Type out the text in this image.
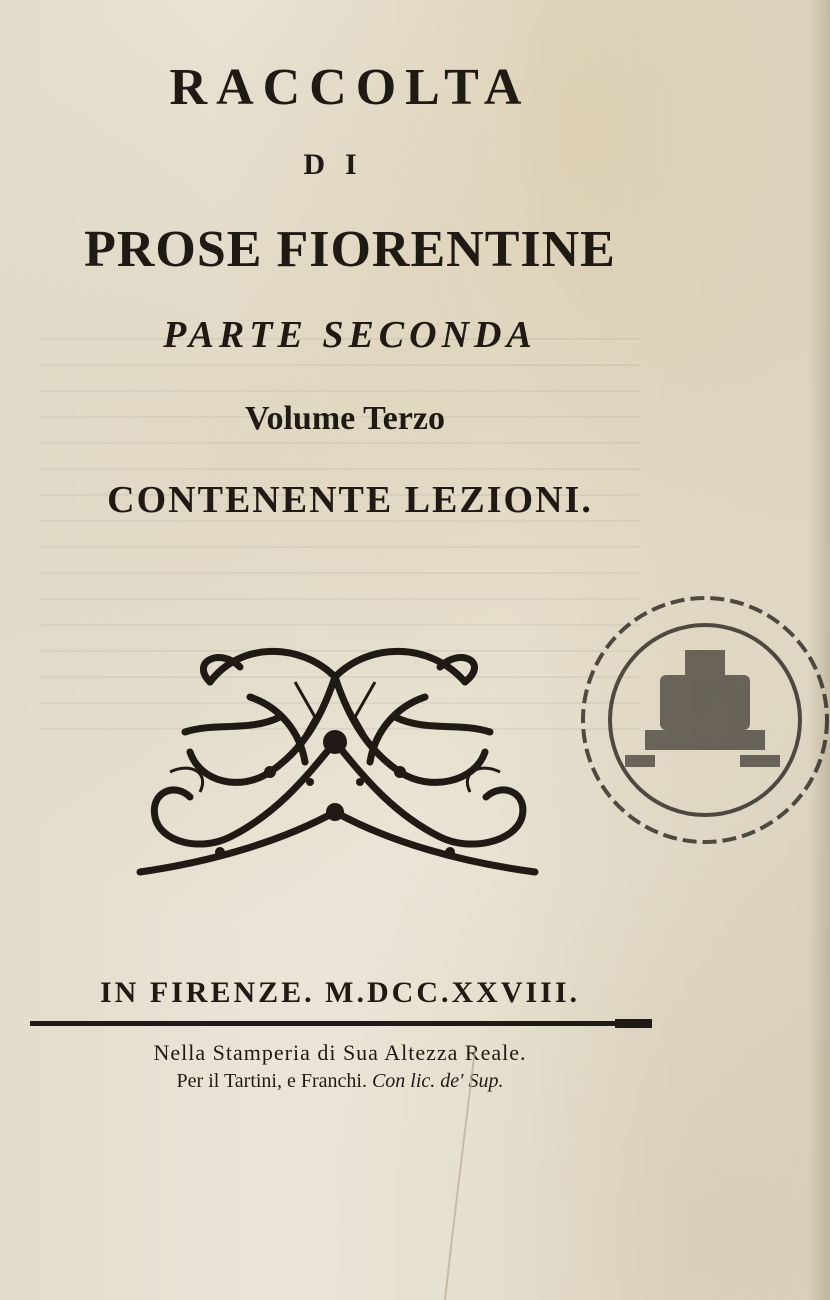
RACCOLTA
DI
PROSE FIORENTINE
PARTE SECONDA
Volume Terzo
CONTENENTE LEZIONI.
IN FIRENZE. M.DCC.XXVIII.
Nella Stamperia di Sua Altezza Reale.
Per il Tartini, e Franchi. Con lic. de' Sup.
